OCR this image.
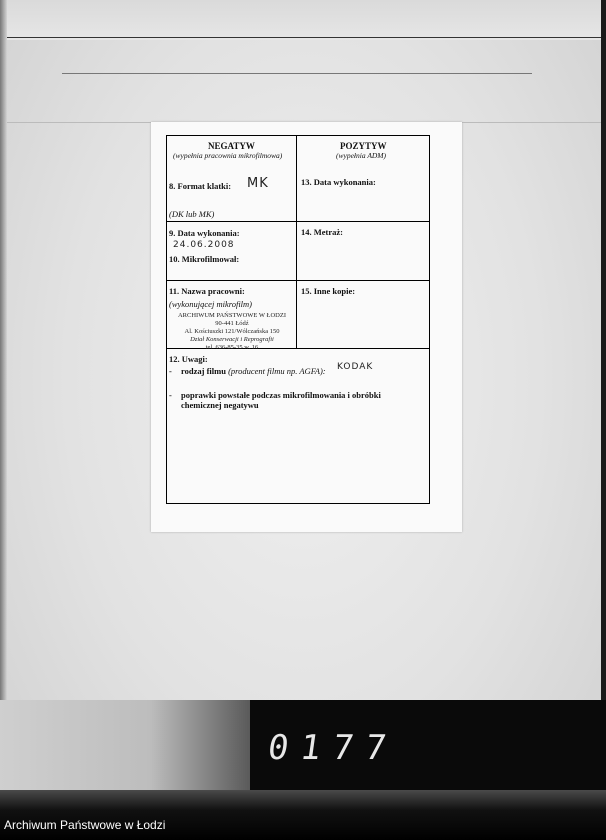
NEGATYW
(wypełnia pracownia mikrofilmowa)
POZYTYW
(wypełnia ADM)
8. Format klatki: MK
(DK lub MK)
13. Data wykonania:
9. Data wykonania:
24.06.2008
10. Mikrofilmował:
14. Metraż:
11. Nazwa pracowni:
(wykonującej mikrofilm)
15. Inne kopie:
ARCHIWUM PAŃSTWOWE W ŁODZI
90-441 Łódź
Al. Kościuszki 121/Wólczańska 150
Dział Konserwacji i Reprografii
tel. 636-85-35 w. 16
12. Uwagi:
- rodzaj filmu (producent filmu np. AGFA): KODAK
- poprawki powstałe podczas mikrofilmowania i obróbki chemicznej negatywu
0177
Archiwum Państwowe w Łodzi
